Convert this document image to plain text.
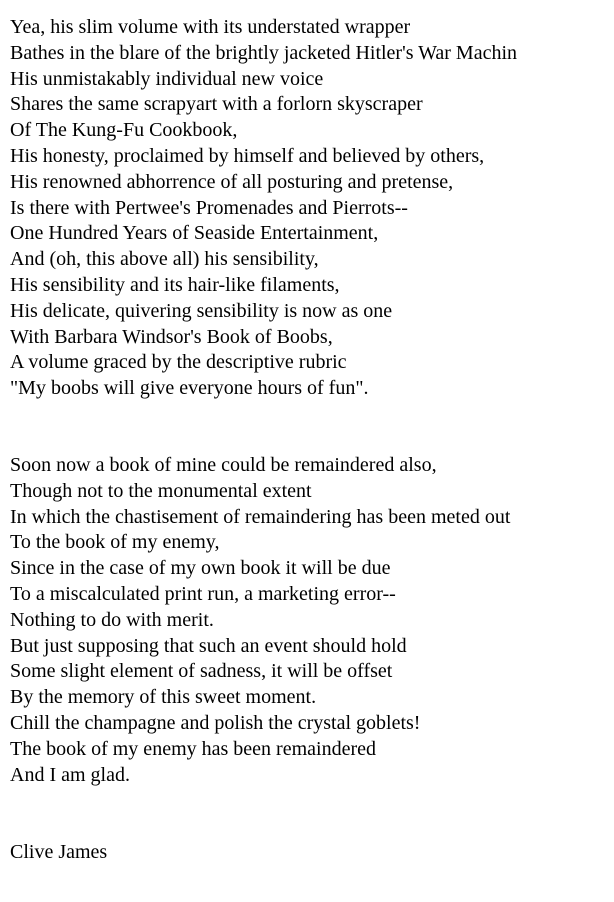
Yea, his slim volume with its understated wrapper
Bathes in the blare of the brightly jacketed Hitler's War Machin
His unmistakably individual new voice
Shares the same scrapyart with a forlorn skyscraper
Of The Kung-Fu Cookbook,
His honesty, proclaimed by himself and believed by others,
His renowned abhorrence of all posturing and pretense,
Is there with Pertwee's Promenades and Pierrots--
One Hundred Years of Seaside Entertainment,
And (oh, this above all) his sensibility,
His sensibility and its hair-like filaments,
His delicate, quivering sensibility is now as one
With Barbara Windsor's Book of Boobs,
A volume graced by the descriptive rubric
"My boobs will give everyone hours of fun".
Soon now a book of mine could be remaindered also,
Though not to the monumental extent
In which the chastisement of remaindering has been meted out
To the book of my enemy,
Since in the case of my own book it will be due
To a miscalculated print run, a marketing error--
Nothing to do with merit.
But just supposing that such an event should hold
Some slight element of sadness, it will be offset
By the memory of this sweet moment.
Chill the champagne and polish the crystal goblets!
The book of my enemy has been remaindered
And I am glad.
Clive James
